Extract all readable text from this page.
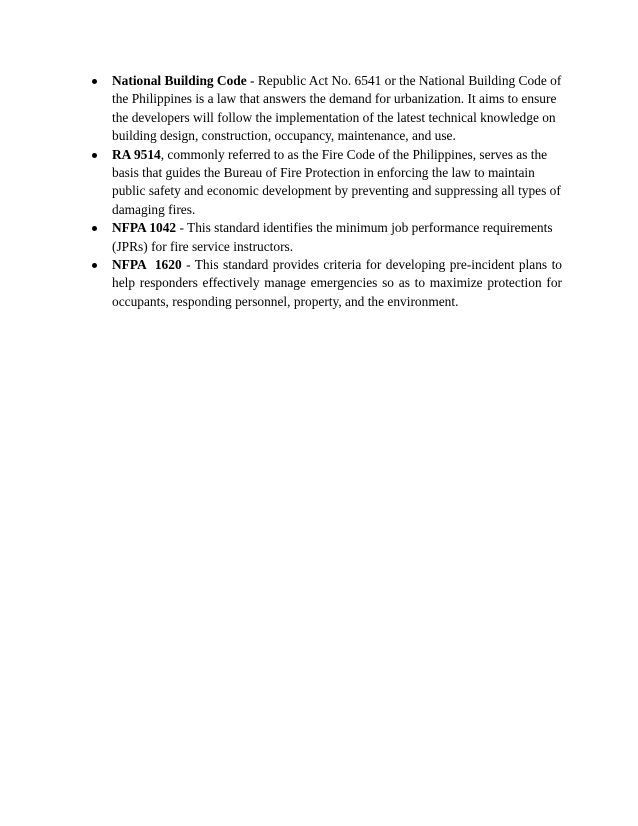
National Building Code - Republic Act No. 6541 or the National Building Code of the Philippines is a law that answers the demand for urbanization. It aims to ensure the developers will follow the implementation of the latest technical knowledge on building design, construction, occupancy, maintenance, and use.
RA 9514, commonly referred to as the Fire Code of the Philippines, serves as the basis that guides the Bureau of Fire Protection in enforcing the law to maintain public safety and economic development by preventing and suppressing all types of damaging fires.
NFPA 1042 - This standard identifies the minimum job performance requirements (JPRs) for fire service instructors.
NFPA  1620 - This standard provides criteria for developing pre-incident plans to help responders effectively manage emergencies so as to maximize protection for occupants, responding personnel, property, and the environment.
